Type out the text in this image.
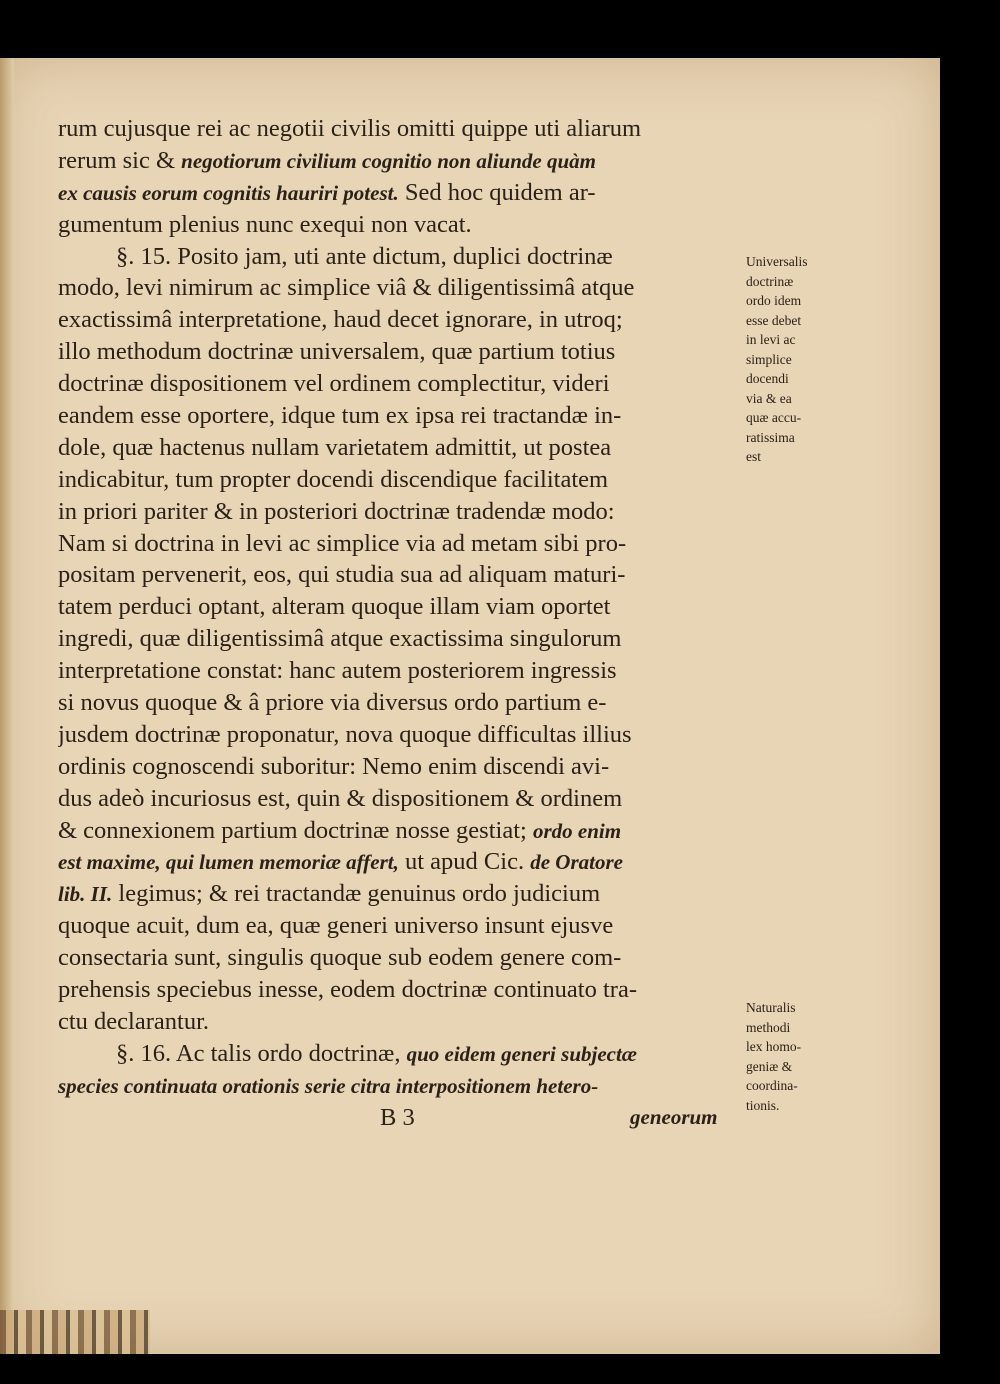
rum cujusque rei ac negotii civilis omitti quippe uti aliarum
rerum sic & negotiorum civilium cognitio non aliunde quàm
ex causis eorum cognitis hauriri potest. Sed hoc quidem ar-
gumentum plenius nunc exequi non vacat.
§. 15. Posito jam, uti ante dictum, duplici doctrinæ
modo, levi nimirum ac simplice viâ & diligentissimâ atque
exactissimâ interpretatione, haud decet ignorare, in utroq;
illo methodum doctrinæ universalem, quæ partium totius
doctrinæ dispositionem vel ordinem complectitur, videri
eandem esse oportere, idque tum ex ipsa rei tractandæ in-
dole, quæ hactenus nullam varietatem admittit, ut postea
indicabitur, tum propter docendi discendique facilitatem
in priori pariter & in posteriori doctrinæ tradendæ modo:
Nam si doctrina in levi ac simplice via ad metam sibi pro-
positam pervenerit, eos, qui studia sua ad aliquam maturi-
tatem perduci optant, alteram quoque illam viam oportet
ingredi, quæ diligentissimâ atque exactissima singulorum
interpretatione constat: hanc autem posteriorem ingressis
si novus quoque & â priore via diversus ordo partium e-
jusdem doctrinæ proponatur, nova quoque difficultas illius
ordinis cognoscendi suboritur: Nemo enim discendi avi-
dus adeò incuriosus est, quin & dispositionem & ordinem
& connexionem partium doctrinæ nosse gestiat; ordo enim
est maxime, qui lumen memoriæ affert, ut apud Cic. de Oratore
lib. II. legimus; & rei tractandæ genuinus ordo judicium
quoque acuit, dum ea, quæ generi universo insunt ejusve
consectaria sunt, singulis quoque sub eodem genere com-
prehensis speciebus inesse, eodem doctrinæ continuato tra-
ctu declarantur.
§. 16. Ac talis ordo doctrinæ, quo eidem generi subjectæ
species continuata orationis serie citra interpositionem hetero-
B 3	geneorum
Universalis
doctrinæ
ordo idem
esse debet
in levi ac
simplice
docendi
via & ea
quæ accu-
ratissima
est
Naturalis
methodi
lex homo-
geniæ &
coordina-
tionis.
